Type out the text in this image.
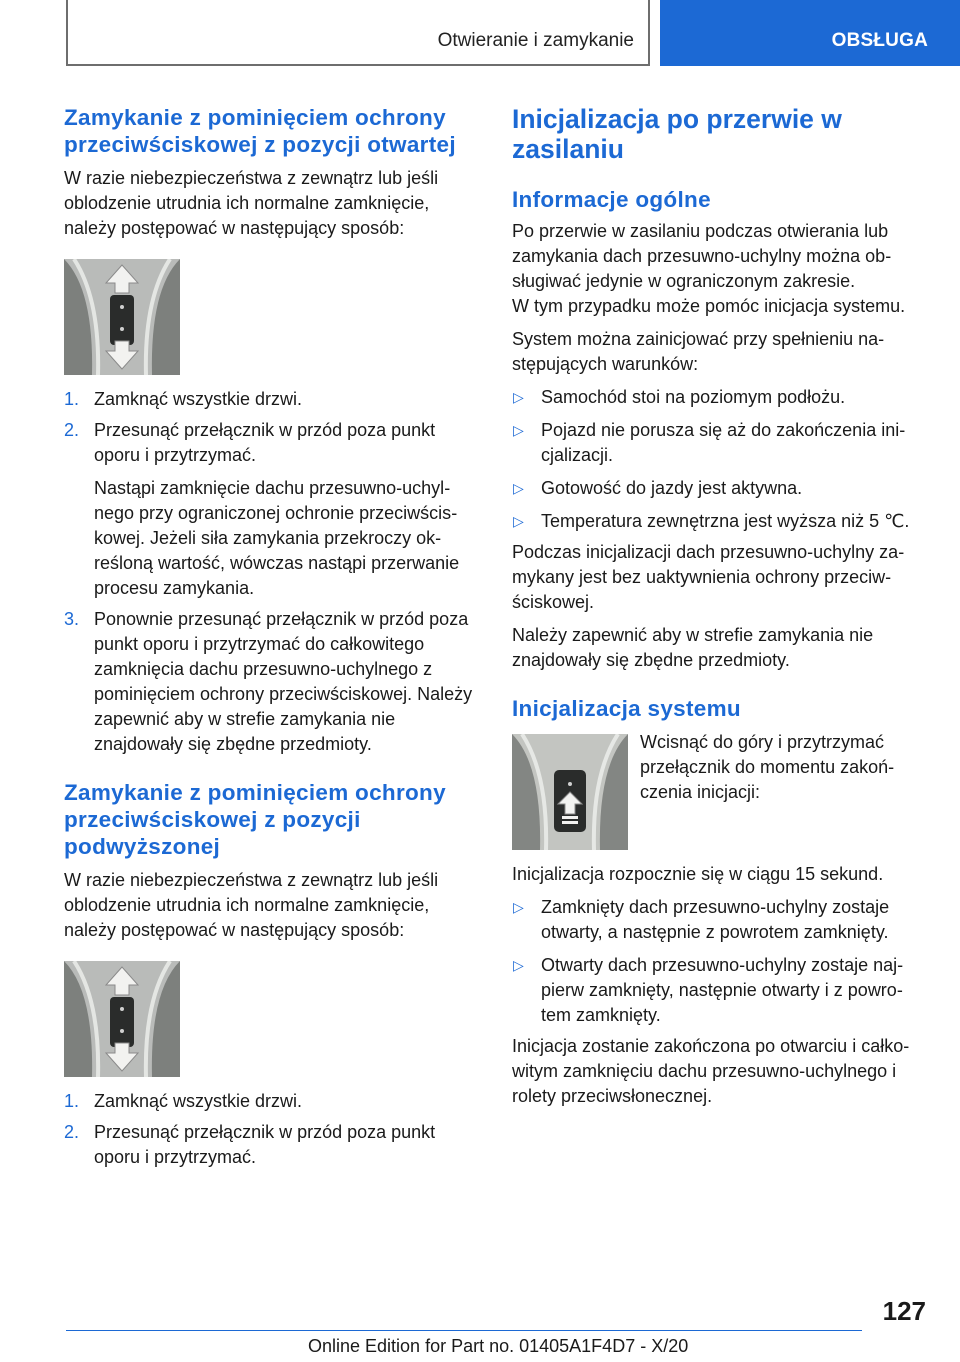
Otwieranie i zamykanie	OBSŁUGA
Zamykanie z pominięciem ochrony przeciwściskowej z pozycji otwartej

W razie niebezpieczeństwa z zewnątrz lub jeśli oblodzenie utrudnia ich normalne zamknięcie, należy postępować w następujący sposób:

1. Zamknąć wszystkie drzwi.
2. Przesunąć przełącznik w przód poza punkt oporu i przytrzymać.

Nastąpi zamknięcie dachu przesuwno-uchylnego przy ograniczonej ochronie przeciwściskowej. Jeżeli siła zamykania przekroczy określoną wartość, wówczas nastąpi przerwanie procesu zamykania.

3. Ponownie przesunąć przełącznik w przód poza punkt oporu i przytrzymać do całkowitego zamknięcia dachu przesuwno-uchylnego z pominięciem ochrony przeciwściskowej. Należy zapewnić aby w strefie zamykania nie znajdowały się zbędne przedmioty.
Zamykanie z pominięciem ochrony przeciwściskowej z pozycji podwyższonej

W razie niebezpieczeństwa z zewnątrz lub jeśli oblodzenie utrudnia ich normalne zamknięcie, należy postępować w następujący sposób:

1. Zamknąć wszystkie drzwi.
2. Przesunąć przełącznik w przód poza punkt oporu i przytrzymać.
Inicjalizacja po przerwie w zasilaniu
Informacje ogólne

Po przerwie w zasilaniu podczas otwierania lub zamykania dach przesuwno-uchylny można obsługiwać jedynie w ograniczonym zakresie.

W tym przypadku może pomóc inicjacja systemu.

System można zainicjować przy spełnieniu następujących warunków:

▷ Samochód stoi na poziomym podłożu.
▷ Pojazd nie porusza się aż do zakończenia inicjalizacji.
▷ Gotowość do jazdy jest aktywna.
▷ Temperatura zewnętrzna jest wyższa niż 5 ℃.

Podczas inicjalizacji dach przesuwno-uchylny zamykany jest bez uaktywnienia ochrony przeciwściskowej.

Należy zapewnić aby w strefie zamykania nie znajdowały się zbędne przedmioty.

Inicjalizacja systemu

Wcisnąć do góry i przytrzymać przełącznik do momentu zakończenia inicjacji:

Inicjalizacja rozpocznie się w ciągu 15 sekund.

▷ Zamknięty dach przesuwno-uchylny zostaje otwarty, a następnie z powrotem zamknięty.
▷ Otwarty dach przesuwno-uchylny zostaje najpierw zamknięty, następnie otwarty i z powrotem zamknięty.

Inicjacja zostanie zakończona po otwarciu i całkowitym zamknięciu dachu przesuwno-uchylnego i rolety przeciwsłonecznej.

127
Online Edition for Part no. 01405A1F4D7 - X/20
